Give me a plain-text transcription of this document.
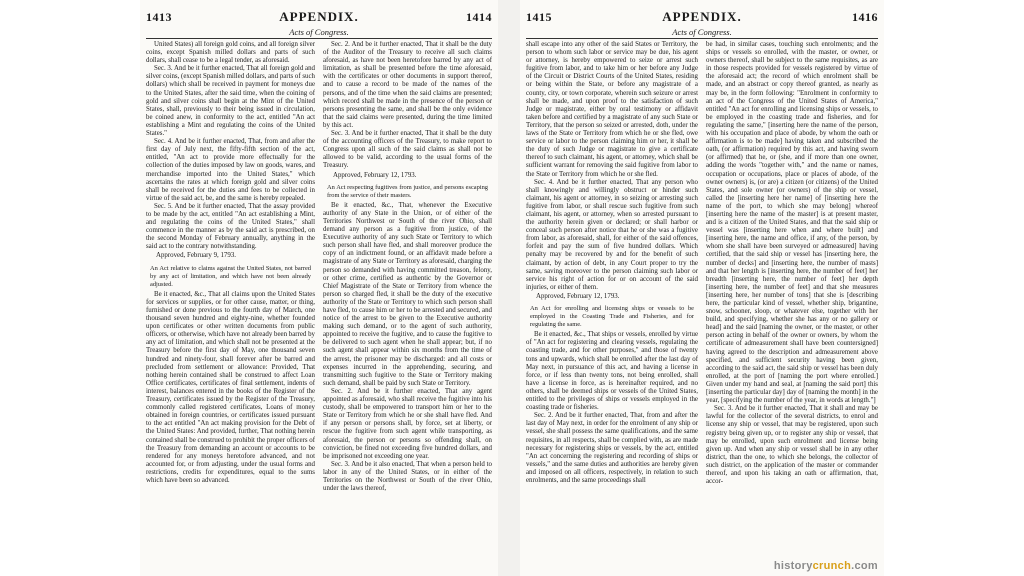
1413	APPENDIX.	1414
Acts of Congress.

United States) all foreign gold coins, and all foreign silver coins, except Spanish milled dollars and parts of such dollars, shall cease to be a legal tender, as aforesaid.

Sec. 3. And be it further enacted, That all foreign gold and silver coins, (except Spanish milled dollars, and parts of such dollars) which shall be received in payment for moneys due to the United States, after the said time, when the coining of gold and silver coins shall begin at the Mint of the United States, shall, previously to their being issued in circulation, be coined anew, in conformity to the act, entitled "An act establishing a Mint and regulating the coins of the United States."

Sec. 4. And be it further enacted, That, from and after the first day of July next, the fifty-fifth section of the act, entitled, "An act to provide more effectually for the collection of the duties imposed by law on goods, wares, and merchandise imported into the United States," which ascertains the rates at which foreign gold and silver coins shall be received for the duties and fees to be collected in virtue of the said act, be, and the same is hereby repealed.

Sec. 5. And be it further enacted, That the assay provided to be made by the act, entitled "An act establishing a Mint, and regulating the coins of the United States," shall commence in the manner as by the said act is prescribed, on the second Monday of February annually, anything in the said act to the contrary notwithstanding.

Approved, February 9, 1793.

An Act relative to claims against the United States, not barred by any act of limitation, and which have not been already adjusted.

Be it enacted, &c., That all claims upon the United States for services or supplies, or for other cause, matter, or thing, furnished or done previous to the fourth day of March, one thousand seven hundred and eighty-nine, whether founded upon certificates or other written documents from public officers, or otherwise, which have not already been barred by any act of limitation, and which shall not be presented at the Treasury before the first day of May, one thousand seven hundred and ninety-four, shall forever after be barred and precluded from settlement or allowance: Provided, That nothing herein contained shall be construed to affect Loan Office certificates, certificates of final settlement, indents of interest, balances entered in the books of the Register of the Treasury, certificates issued by the Register of the Treasury, commonly called registered certificates, Loans of money obtained in foreign countries, or certificates issued pursuant to the act entitled "An act making provision for the Debt of the United States: And provided, further, That nothing herein contained shall be construed to prohibit the proper officers of the Treasury from demanding an account or accounts to be rendered for any moneys heretofore advanced, and not accounted for, or from adjusting, under the usual forms and restrictions, credits for expenditures, equal to the sums which have been so advanced.

Sec. 2. And be it further enacted, That it shall be the duty of the Auditor of the Treasury to receive all such claims aforesaid, as have not been heretofore barred by any act of limitation, as shall be presented before the time aforesaid, with the certificates or other documents in support thereof, and to cause a record to be made of the names of the persons, and of the time when the said claims are presented; which record shall be made in the presence of the person or persons presenting the same, and shall be the only evidence that the said claims were presented, during the time limited by this act.

Sec. 3. And be it further enacted, That it shall be the duty of the accounting officers of the Treasury, to make report to Congress upon all such of the said claims as shall not be allowed to be valid, according to the usual forms of the Treasury.

Approved, February 12, 1793.

An Act respecting fugitives from justice, and persons escaping from the service of their masters.

Be it enacted, &c., That, whenever the Executive authority of any State in the Union, or of either of the Territories Northwest or South of the river Ohio, shall demand any person as a fugitive from justice, of the Executive authority of any such State or Territory to which such person shall have fled, and shall moreover produce the copy of an indictment found, or an affidavit made before a magistrate of any State or Territory as aforesaid, charging the person so demanded with having committed treason, felony, or other crime, certified as authentic by the Governor or Chief Magistrate of the State or Territory from whence the person so charged fled, it shall be the duty of the executive authority of the State or Territory to which such person shall have fled, to cause him or her to be arrested and secured, and notice of the arrest to be given to the Executive authority making such demand, or to the agent of such authority, appointed to receive the fugitive, and to cause the fugitive to be delivered to such agent when he shall appear; but, if no such agent shall appear within six months from the time of the arrest, the prisoner may be discharged: and all costs or expenses incurred in the apprehending, securing, and transmitting such fugitive to the State or Territory making such demand, shall be paid by such State or Territory.

Sec. 2. And be it further enacted, That any agent appointed as aforesaid, who shall receive the fugitive into his custody, shall be empowered to transport him or her to the State or Territory from which he or she shall have fled. And if any person or persons shall, by force, set at liberty, or rescue the fugitive from such agent while transporting, as aforesaid, the person or persons so offending shall, on conviction, be fined not exceeding five hundred dollars, and be imprisoned not exceeding one year.

Sec. 3. And be it also enacted, That when a person held to labor in any of the United States, or in either of the Territories on the Northwest or South of the river Ohio, under the laws thereof,

1415	APPENDIX.	1416
Acts of Congress.

shall escape into any other of the said States or Territory, the person to whom such labor or service may be due, his agent or attorney, is hereby empowered to seize or arrest such fugitive from labor, and to take him or her before any Judge of the Circuit or District Courts of the United States, residing or being within the State, or before any magistrate of a county, city, or town corporate, wherein such seizure or arrest shall be made, and upon proof to the satisfaction of such Judge or magistrate, either by oral testimony or affidavit taken before and certified by a magistrate of any such State or Territory, that the person so seized or arrested, doth, under the laws of the State or Territory from which he or she fled, owe service or labor to the person claiming him or her, it shall be the duty of such Judge or magistrate to give a certificate thereof to such claimant, his agent, or attorney, which shall be sufficient warrant for removing the said fugitive from labor to the State or Territory from which he or she fled.

Sec. 4. And be it further enacted, That any person who shall knowingly and willingly obstruct or hinder such claimant, his agent or attorney, in so seizing or arresting such fugitive from labor, or shall rescue such fugitive from such claimant, his agent, or attorney, when so arrested pursuant to the authority herein given or declared; or shall harbor or conceal such person after notice that he or she was a fugitive from labor, as aforesaid, shall, for either of the said offences, forfeit and pay the sum of five hundred dollars. Which penalty may be recovered by and for the benefit of such claimant, by action of debt, in any Court proper to try the same, saving moreover to the person claiming such labor or service his right of action for or on account of the said injuries, or either of them.

Approved, February 12, 1793.

An Act for enrolling and licensing ships or vessels to be employed in the Coasting Trade and Fisheries, and for regulating the same.

Be it enacted, &c., That ships or vessels, enrolled by virtue of "An act for registering and clearing vessels, regulating the coasting trade, and for other purposes," and those of twenty tons and upwards, which shall be enrolled after the last day of May next, in pursuance of this act, and having a license in force, or if less than twenty tons, not being enrolled, shall have a license in force, as is hereinafter required, and no others, shall be deemed ships or vessels of the United States, entitled to the privileges of ships or vessels employed in the coasting trade or fisheries.

Sec. 2. And be it further enacted, That, from and after the last day of May next, in order for the enrolment of any ship or vessel, she shall possess the same qualifications, and the same requisites, in all respects, shall be complied with, as are made necessary for registering ships or vessels, by the act, entitled "An act concerning the registering and recording of ships or vessels," and the same duties and authorities are hereby given and imposed on all officers, respectively, in relation to such enrolments, and the same proceedings shall

be had, in similar cases, touching such enrolments; and the ships or vessels so enrolled, with the master, or owner, or owners thereof, shall be subject to the same requisites, as are in those respects provided for vessels registered by virtue of the aforesaid act; the record of which enrolment shall be made, and an abstract or copy thereof granted, as nearly as may be, in the form following: "Enrolment in conformity to an act of the Congress of the United States of America," entitled "An act for enrolling and licensing ships or vessels, to be employed in the coasting trade and fisheries, and for regulating the same," [inserting here the name of the person, with his occupation and place of abode, by whom the oath or affirmation is to be made] having taken and subscribed the oath, (or affirmation) required by this act, and having sworn (or affirmed) that he, or (she, and if more than one owner, adding the words "together with," and the name or names, occupation or occupations, place or places of abode, of the owner owners) is, (or are) a citizen (or citizens) of the United States, and sole owner (or owners) of the ship or vessel, called the [inserting here her name] of [inserting here the name of the port, to which she may belong] whereof [inserting here the name of the master] is at present master, and is a citizen of the United States, and that the said ship or vessel was [inserting here when and where built] and [inserting here, the name and office, if any, of the person, by whom she shall have been surveyed or admeasured] having certified, that the said ship or vessel has [inserting here, the number of decks] and [inserting here, the number of masts] and that her length is [inserting here, the number of feet] her breadth [inserting here, the number of feet] her depth [inserting here, the number of feet] and that she measures [inserting here, her number of tons] that she is [describing here, the particular kind of vessel, whether ship, brigantine, snow, schooner, sloop, or whatever else, together with her build, and specifying, whether she has any or no gallery or head] and the said [naming the owner, or the master, or other person acting in behalf of the owner or owners, by whom the certificate of admeasurement shall have been countersigned] having agreed to the description and admeasurement above specified, and sufficient security having been given, according to the said act, the said ship or vessel has been duly enrolled, at the port of [naming the port where enrolled.] Given under my hand and seal, at [naming the said port] this [inserting the particular day] day of [naming the month] in the year, [specifying the number of the year, in words at length."]

Sec. 3. And be it further enacted, That it shall and may be lawful for the collector of the several districts, to enrol and license any ship or vessel, that may be registered, upon such registry being given up, or to register any ship or vessel, that may be enrolled, upon such enrolment and license being given up. And when any ship or vessel shall be in any other district, than the one, to which she belongs, the collector of such district, on the application of the master or commander thereof, and upon his taking an oath or affirmation, that, accor-

historycrunch.com
